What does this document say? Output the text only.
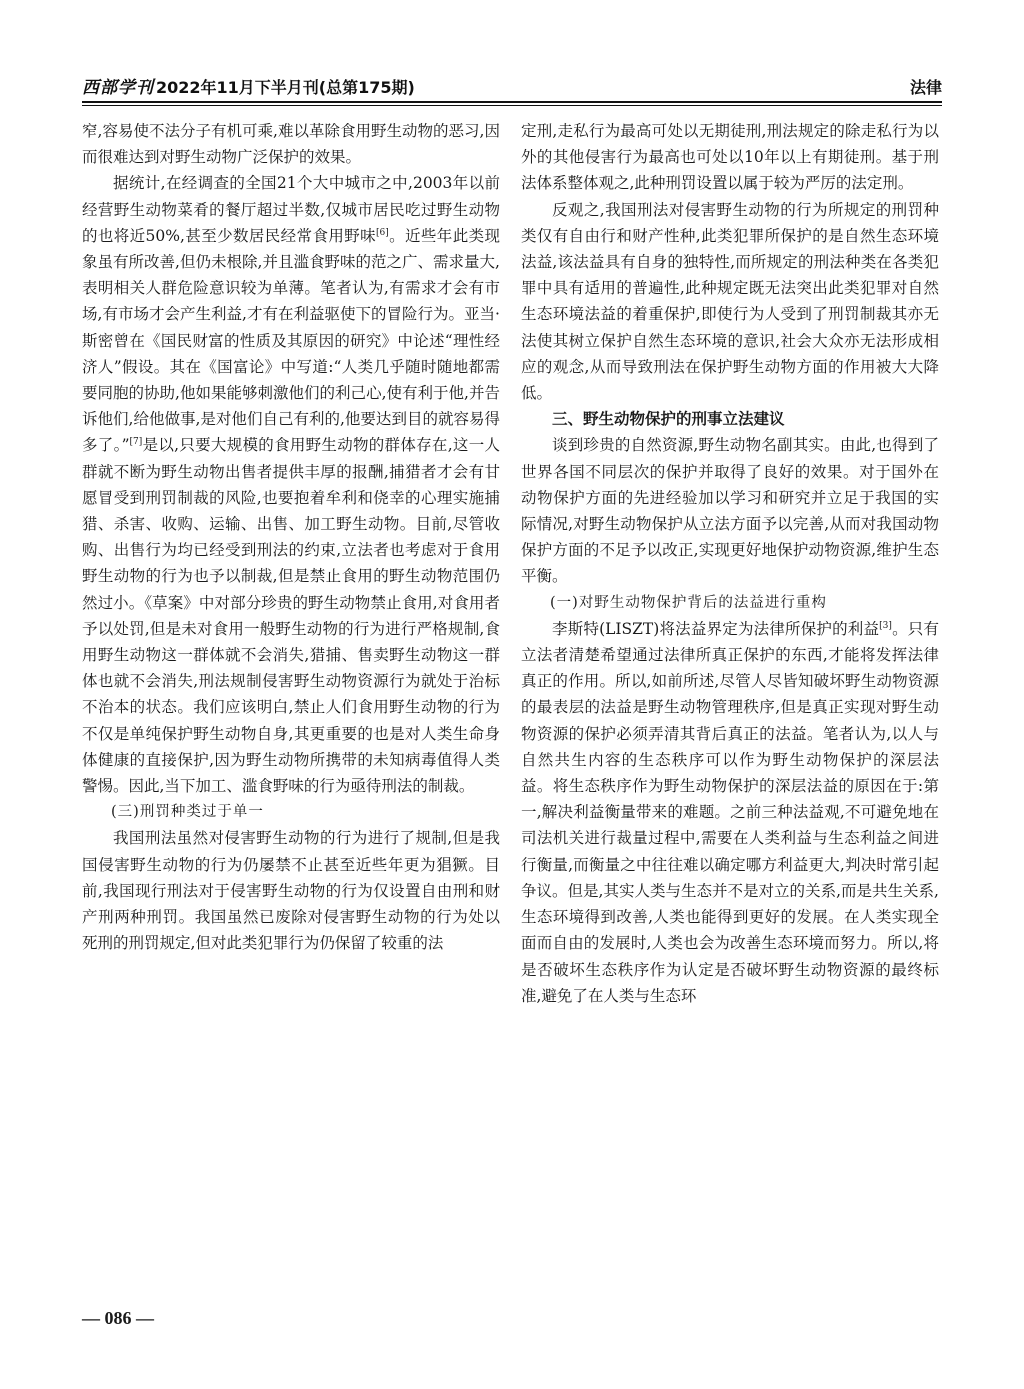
西部学刊 2022年11月下半月刊(总第175期)	法律

窄,容易使不法分子有机可乘,难以革除食用野生动物的恶习,因而很难达到对野生动物广泛保护的效果。

据统计,在经调查的全国21个大中城市之中,2003年以前经营野生动物菜肴的餐厅超过半数,仅城市居民吃过野生动物的也将近50%,甚至少数居民经常食用野味[6]。近些年此类现象虽有所改善,但仍未根除,并且滥食野味的范之广、需求量大,表明相关人群危险意识较为单薄。笔者认为,有需求才会有市场,有市场才会产生利益,才有在利益驱使下的冒险行为。亚当·斯密曾在《国民财富的性质及其原因的研究》中论述“理性经济人”假设。其在《国富论》中写道:“人类几乎随时随地都需要同胞的协助,他如果能够刺激他们的利己心,使有利于他,并告诉他们,给他做事,是对他们自己有利的,他要达到目的就容易得多了。”[7]是以,只要大规模的食用野生动物的群体存在,这一人群就不断为野生动物出售者提供丰厚的报酬,捕猎者才会有甘愿冒受到刑罚制裁的风险,也要抱着牟利和侥幸的心理实施捕猎、杀害、收购、运输、出售、加工野生动物。目前,尽管收购、出售行为均已经受到刑法的约束,立法者也考虑对于食用野生动物的行为也予以制裁,但是禁止食用的野生动物范围仍然过小。《草案》中对部分珍贵的野生动物禁止食用,对食用者予以处罚,但是未对食用一般野生动物的行为进行严格规制,食用野生动物这一群体就不会消失,猎捕、售卖野生动物这一群体也就不会消失,刑法规制侵害野生动物资源行为就处于治标不治本的状态。我们应该明白,禁止人们食用野生动物的行为不仅是单纯保护野生动物自身,其更重要的也是对人类生命身体健康的直接保护,因为野生动物所携带的未知病毒值得人类警惕。因此,当下加工、滥食野味的行为亟待刑法的制裁。

(三)刑罚种类过于单一

我国刑法虽然对侵害野生动物的行为进行了规制,但是我国侵害野生动物的行为仍屡禁不止甚至近些年更为猖獗。目前,我国现行刑法对于侵害野生动物的行为仅设置自由刑和财产刑两种刑罚。我国虽然已废除对侵害野生动物的行为处以死刑的刑罚规定,但对此类犯罪行为仍保留了较重的法

定刑,走私行为最高可处以无期徒刑,刑法规定的除走私行为以外的其他侵害行为最高也可处以10年以上有期徒刑。基于刑法体系整体观之,此种刑罚设置以属于较为严厉的法定刑。

反观之,我国刑法对侵害野生动物的行为所规定的刑罚种类仅有自由行和财产性种,此类犯罪所保护的是自然生态环境法益,该法益具有自身的独特性,而所规定的刑法种类在各类犯罪中具有适用的普遍性,此种规定既无法突出此类犯罪对自然生态环境法益的着重保护,即使行为人受到了刑罚制裁其亦无法使其树立保护自然生态环境的意识,社会大众亦无法形成相应的观念,从而导致刑法在保护野生动物方面的作用被大大降低。

三、野生动物保护的刑事立法建议

谈到珍贵的自然资源,野生动物名副其实。由此,也得到了世界各国不同层次的保护并取得了良好的效果。对于国外在动物保护方面的先进经验加以学习和研究并立足于我国的实际情况,对野生动物保护从立法方面予以完善,从而对我国动物保护方面的不足予以改正,实现更好地保护动物资源,维护生态平衡。

(一)对野生动物保护背后的法益进行重构

李斯特(LISZT)将法益界定为法律所保护的利益[3]。只有立法者清楚希望通过法律所真正保护的东西,才能将发挥法律真正的作用。所以,如前所述,尽管人尽皆知破坏野生动物资源的最表层的法益是野生动物管理秩序,但是真正实现对野生动物资源的保护必须弄清其背后真正的法益。笔者认为,以人与自然共生内容的生态秩序可以作为野生动物保护的深层法益。将生态秩序作为野生动物保护的深层法益的原因在于:第一,解决利益衡量带来的难题。之前三种法益观,不可避免地在司法机关进行裁量过程中,需要在人类利益与生态利益之间进行衡量,而衡量之中往往难以确定哪方利益更大,判决时常引起争议。但是,其实人类与生态并不是对立的关系,而是共生关系,生态环境得到改善,人类也能得到更好的发展。在人类实现全面而自由的发展时,人类也会为改善生态环境而努力。所以,将是否破坏生态秩序作为认定是否破坏野生动物资源的最终标准,避免了在人类与生态环

— 086 —
